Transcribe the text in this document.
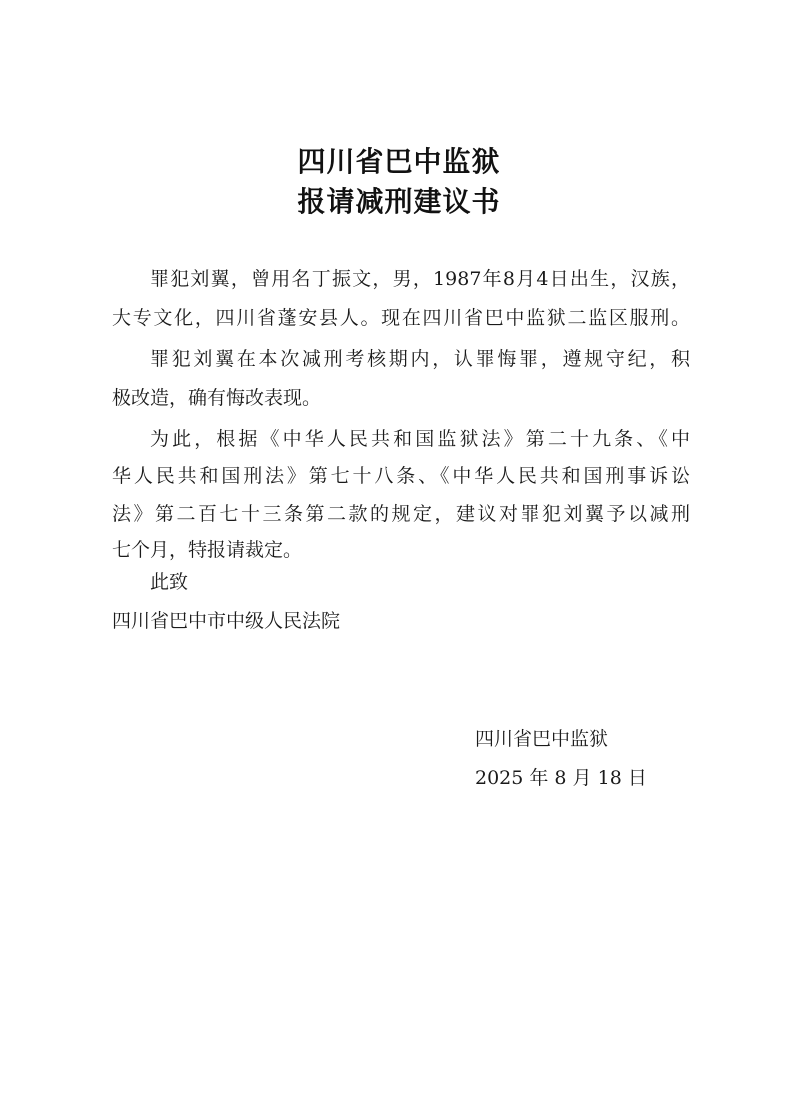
四川省巴中监狱
报请减刑建议书
罪犯刘翼，曾用名丁振文，男，1987年8月4日出生，汉族，
大专文化，四川省蓬安县人。现在四川省巴中监狱二监区服刑。
罪犯刘翼在本次减刑考核期内，认罪悔罪，遵规守纪，积
极改造，确有悔改表现。
为此，根据《中华人民共和国监狱法》第二十九条、《中
华人民共和国刑法》第七十八条、《中华人民共和国刑事诉讼
法》第二百七十三条第二款的规定，建议对罪犯刘翼予以减刑
七个月，特报请裁定。
此致
四川省巴中市中级人民法院
四川省巴中监狱
2025 年 8 月 18 日
